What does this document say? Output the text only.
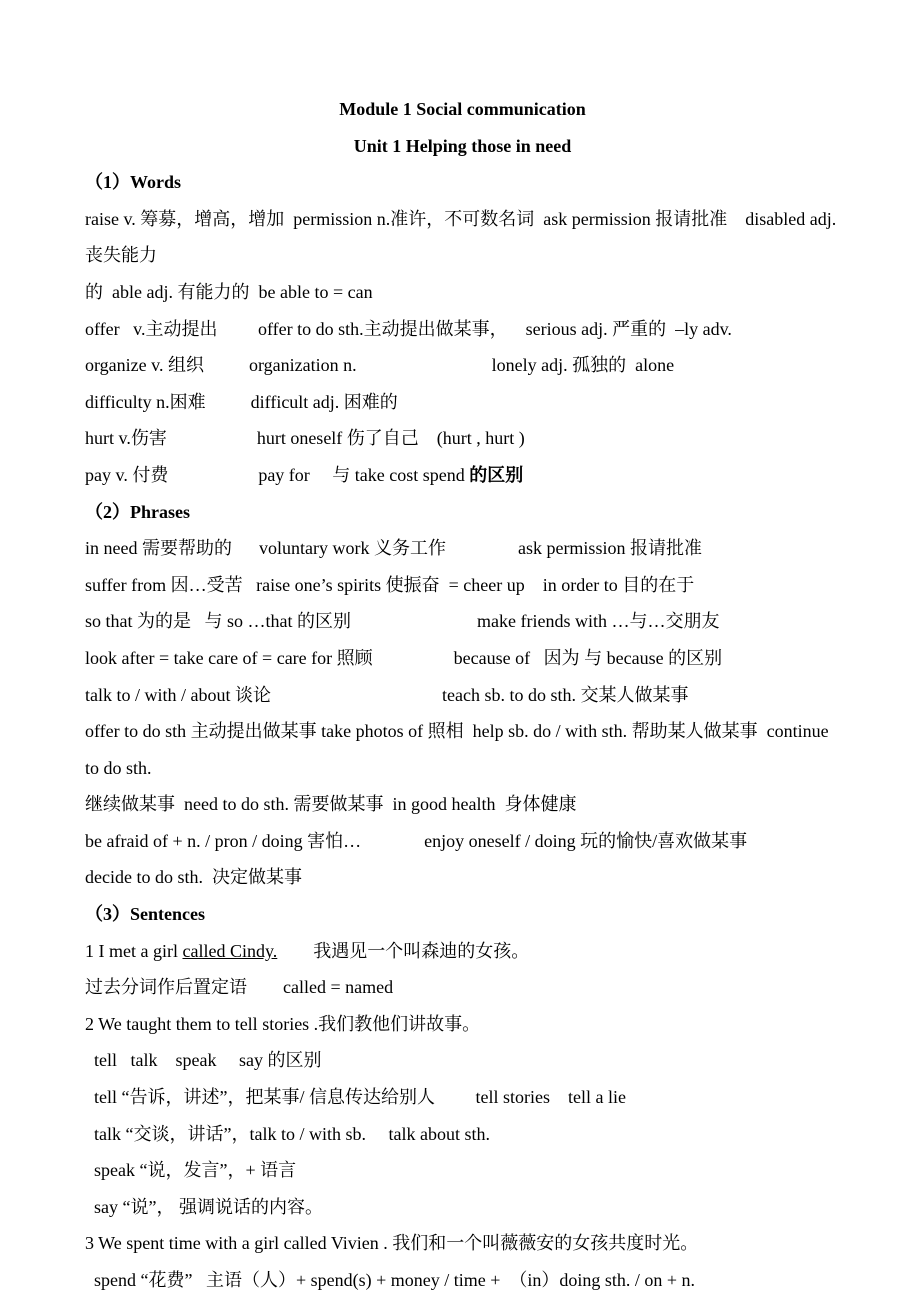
Module 1 Social communication
Unit 1 Helping those in need
（1）Words
raise v. 筹募，增高，增加  permission n.准许，不可数名词  ask permission 报请批准    disabled adj.丧失能力
的  able adj. 有能力的  be able to = can
offer   v.主动提出         offer to do sth.主动提出做某事，    serious adj. 严重的  –ly adv.
organize v. 组织          organization n.                              lonely adj. 孤独的  alone
difficulty n.困难          difficult adj. 困难的
hurt v.伤害                    hurt oneself 伤了自己    (hurt , hurt )
pay v. 付费                    pay for     与 take cost spend 的区别
（2）Phrases
in need 需要帮助的      voluntary work 义务工作                ask permission 报请批准
suffer from 因…受苦   raise one’s spirits 使振奋  = cheer up    in order to 目的在于
so that 为的是   与 so …that 的区别                            make friends with …与…交朋友
look after = take care of = care for 照顾                  because of   因为 与 because 的区别
talk to / with / about 谈论                                      teach sb. to do sth. 交某人做某事
offer to do sth 主动提出做某事 take photos of 照相  help sb. do / with sth. 帮助某人做某事  continue to do sth.
继续做某事  need to do sth. 需要做某事  in good health  身体健康
be afraid of + n. / pron / doing 害怕…              enjoy oneself / doing 玩的愉快/喜欢做某事
decide to do sth.  决定做某事
（3）Sentences
1 I met a girl called Cindy.        我遇见一个叫森迪的女孩。
过去分词作后置定语        called = named
2 We taught them to tell stories .我们教他们讲故事。
tell   talk    speak     say 的区别
tell “告诉，讲述”，把某事/ 信息传达给别人         tell stories    tell a lie
talk “交谈，讲话”，talk to / with sb.     talk about sth.
speak “说，发言”，+ 语言
say “说”， 强调说话的内容。
3 We spent time with a girl called Vivien . 我们和一个叫薇薇安的女孩共度时光。
spend “花费”   主语（人）+ spend(s) + money / time +  （in）doing sth. / on + n.
